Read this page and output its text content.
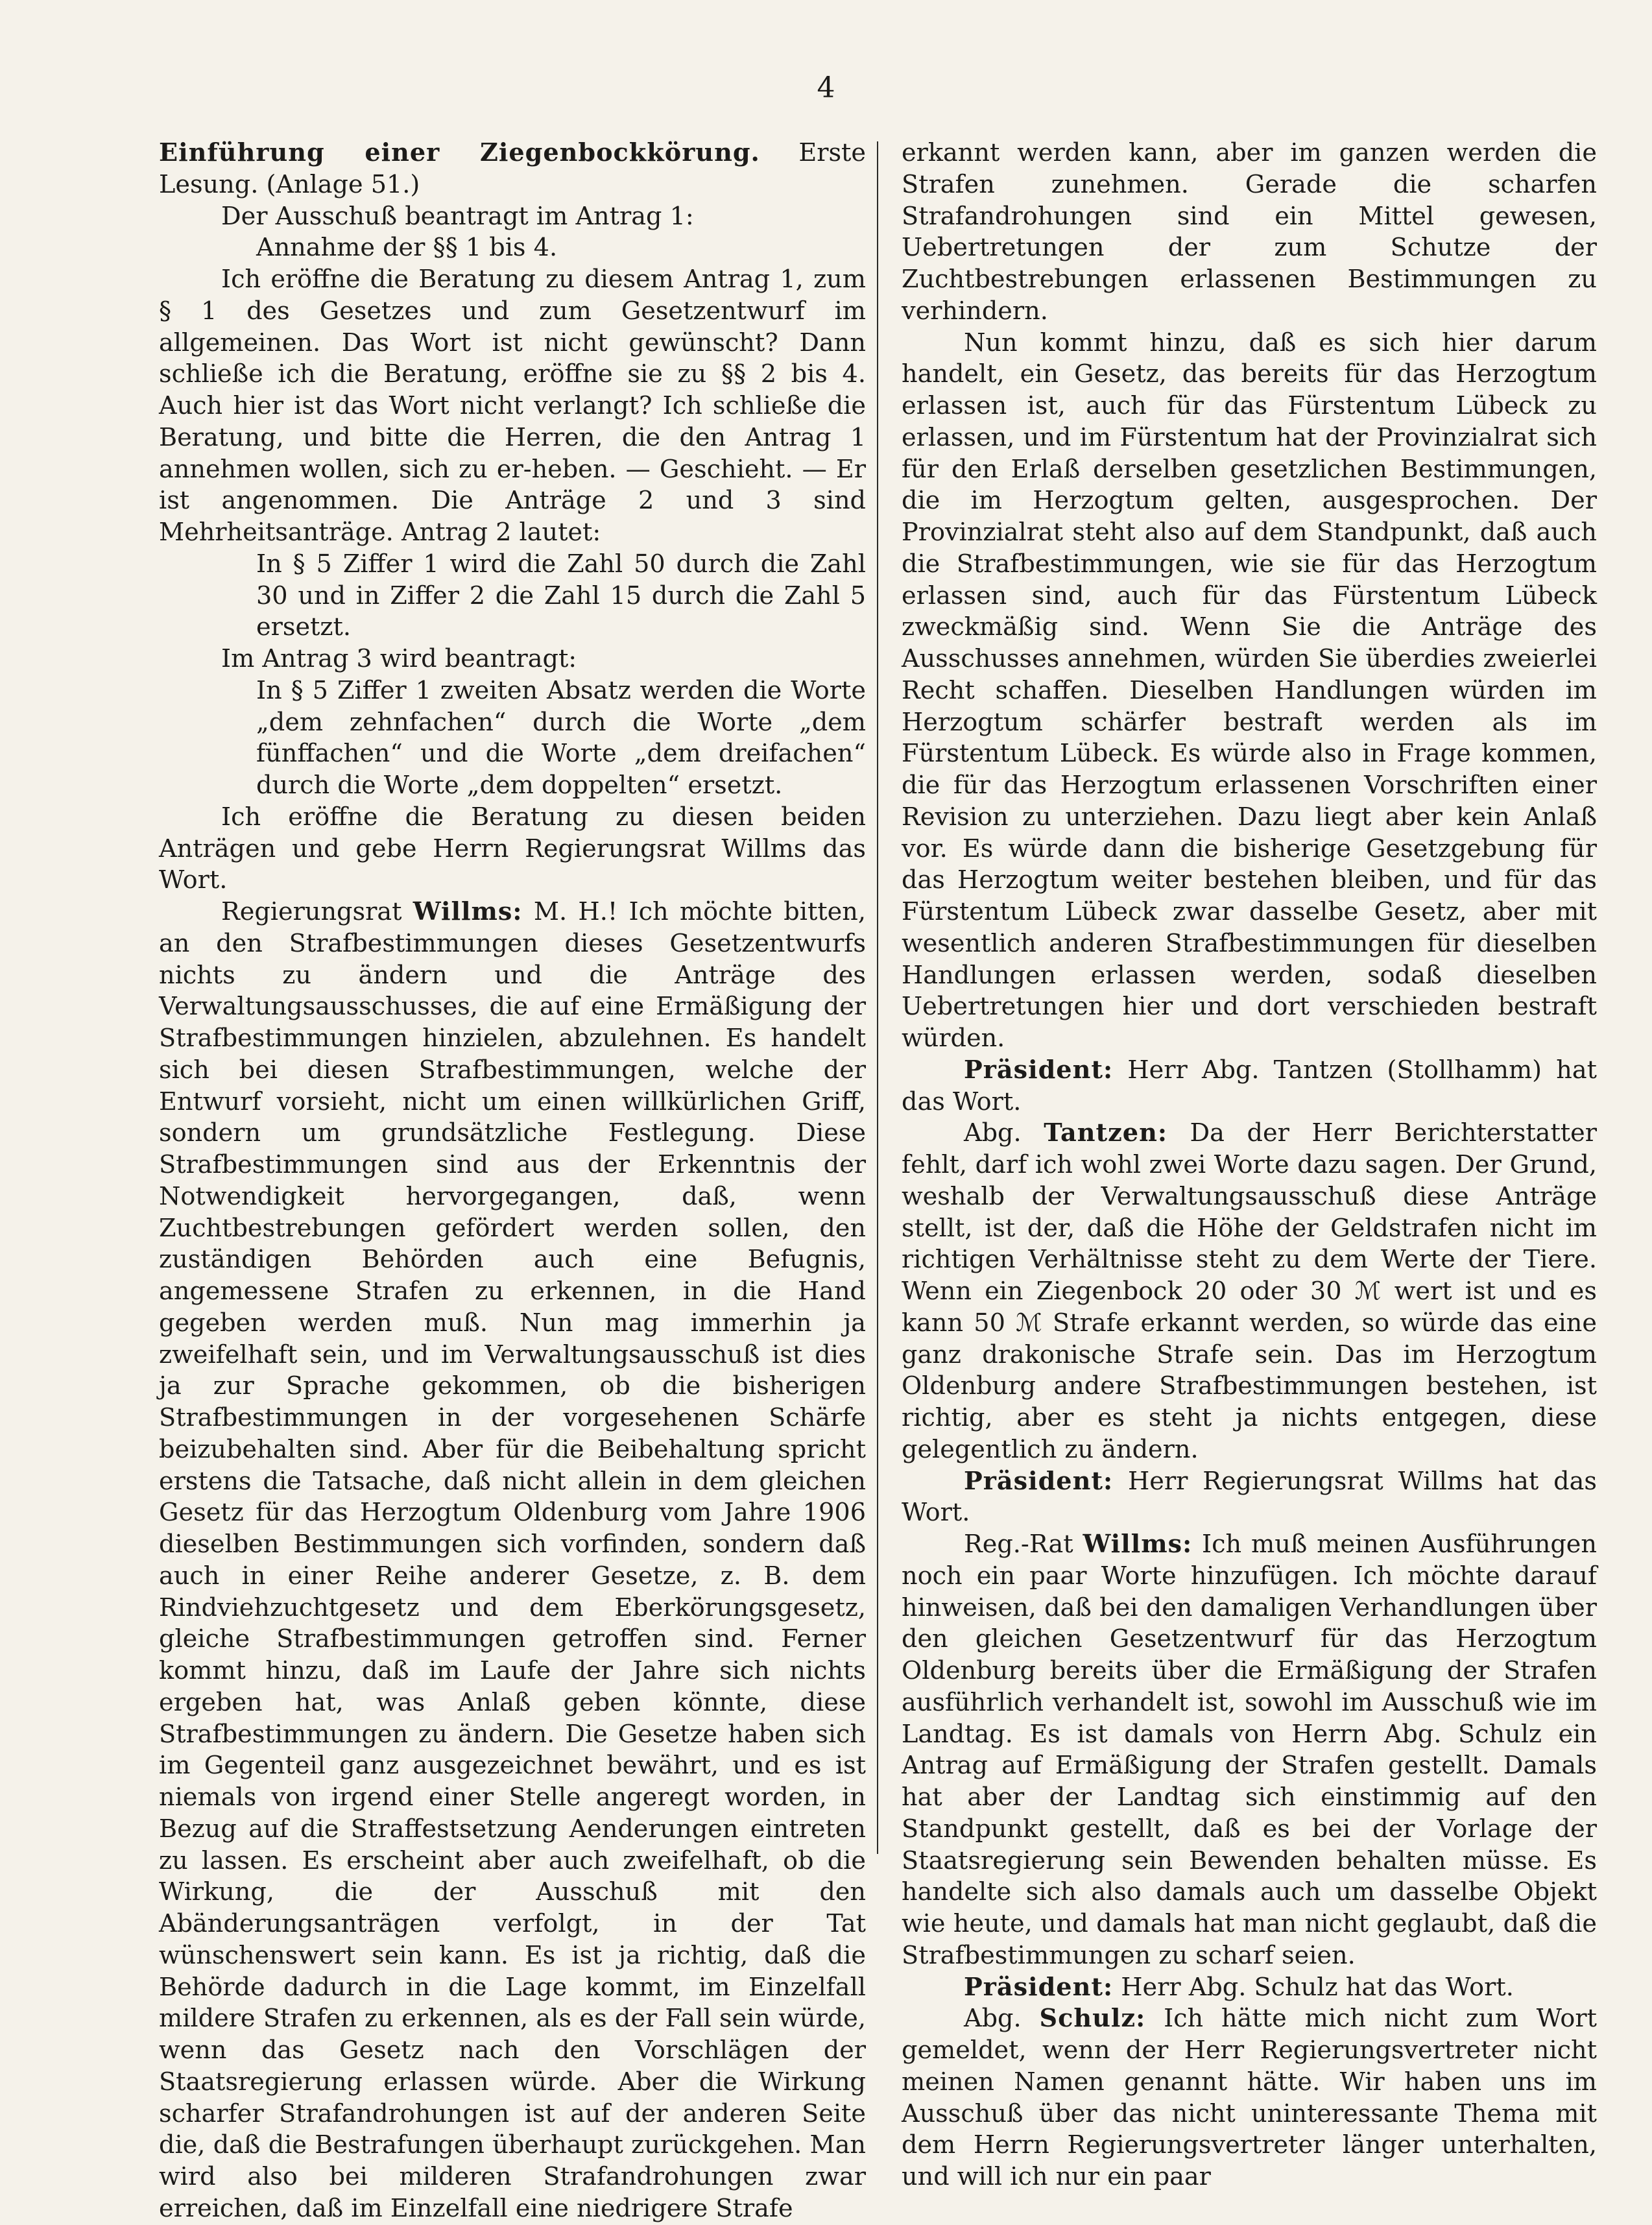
4

Einführung einer Ziegenbockkörung. Erste Lesung. (Anlage 51.)

Der Ausschuß beantragt im Antrag 1:

Annahme der §§ 1 bis 4.

Ich eröffne die Beratung zu diesem Antrag 1, zum § 1 des Gesetzes und zum Gesetzentwurf im allgemeinen. Das Wort ist nicht gewünscht? Dann schließe ich die Beratung, eröffne sie zu §§ 2 bis 4. Auch hier ist das Wort nicht verlangt? Ich schließe die Beratung, und bitte die Herren, die den Antrag 1 annehmen wollen, sich zu er-heben. — Geschieht. — Er ist angenommen. Die Anträge 2 und 3 sind Mehrheitsanträge. Antrag 2 lautet:

In § 5 Ziffer 1 wird die Zahl 50 durch die Zahl 30 und in Ziffer 2 die Zahl 15 durch die Zahl 5 ersetzt.

Im Antrag 3 wird beantragt:

In § 5 Ziffer 1 zweiten Absatz werden die Worte „dem zehnfachen“ durch die Worte „dem fünffachen“ und die Worte „dem dreifachen“ durch die Worte „dem doppelten“ ersetzt.

Ich eröffne die Beratung zu diesen beiden Anträgen und gebe Herrn Regierungsrat Willms das Wort.

Regierungsrat Willms: M. H.! Ich möchte bitten, an den Strafbestimmungen dieses Gesetzentwurfs nichts zu ändern und die Anträge des Verwaltungsausschusses, die auf eine Ermäßigung der Strafbestimmungen hinzielen, abzulehnen. Es handelt sich bei diesen Strafbestimmungen, welche der Entwurf vorsieht, nicht um einen willkürlichen Griff, sondern um grundsätzliche Festlegung. Diese Strafbestimmungen sind aus der Erkenntnis der Notwendigkeit hervorgegangen, daß, wenn Zuchtbestrebungen gefördert werden sollen, den zuständigen Behörden auch eine Befugnis, angemessene Strafen zu erkennen, in die Hand gegeben werden muß. Nun mag immerhin ja zweifelhaft sein, und im Verwaltungsausschuß ist dies ja zur Sprache gekommen, ob die bisherigen Strafbestimmungen in der vorgesehenen Schärfe beizubehalten sind. Aber für die Beibehaltung spricht erstens die Tatsache, daß nicht allein in dem gleichen Gesetz für das Herzogtum Oldenburg vom Jahre 1906 dieselben Bestimmungen sich vorfinden, sondern daß auch in einer Reihe anderer Gesetze, z. B. dem Rindviehzuchtgesetz und dem Eberkörungsgesetz, gleiche Strafbestimmungen getroffen sind. Ferner kommt hinzu, daß im Laufe der Jahre sich nichts ergeben hat, was Anlaß geben könnte, diese Strafbestimmungen zu ändern. Die Gesetze haben sich im Gegenteil ganz ausgezeichnet bewährt, und es ist niemals von irgend einer Stelle angeregt worden, in Bezug auf die Straffestsetzung Aenderungen eintreten zu lassen. Es erscheint aber auch zweifelhaft, ob die Wirkung, die der Ausschuß mit den Abänderungsanträgen verfolgt, in der Tat wünschenswert sein kann. Es ist ja richtig, daß die Behörde dadurch in die Lage kommt, im Einzelfall mildere Strafen zu erkennen, als es der Fall sein würde, wenn das Gesetz nach den Vorschlägen der Staatsregierung erlassen würde. Aber die Wirkung scharfer Strafandrohungen ist auf der anderen Seite die, daß die Bestrafungen überhaupt zurückgehen. Man wird also bei milderen Strafandrohungen zwar erreichen, daß im Einzelfall eine niedrigere Strafe

erkannt werden kann, aber im ganzen werden die Strafen zunehmen. Gerade die scharfen Strafandrohungen sind ein Mittel gewesen, Uebertretungen der zum Schutze der Zuchtbestrebungen erlassenen Bestimmungen zu verhindern.

Nun kommt hinzu, daß es sich hier darum handelt, ein Gesetz, das bereits für das Herzogtum erlassen ist, auch für das Fürstentum Lübeck zu erlassen, und im Fürstentum hat der Provinzialrat sich für den Erlaß derselben gesetzlichen Bestimmungen, die im Herzogtum gelten, ausgesprochen. Der Provinzialrat steht also auf dem Standpunkt, daß auch die Strafbestimmungen, wie sie für das Herzogtum erlassen sind, auch für das Fürstentum Lübeck zweckmäßig sind. Wenn Sie die Anträge des Ausschusses annehmen, würden Sie überdies zweierlei Recht schaffen. Dieselben Handlungen würden im Herzogtum schärfer bestraft werden als im Fürstentum Lübeck. Es würde also in Frage kommen, die für das Herzogtum erlassenen Vorschriften einer Revision zu unterziehen. Dazu liegt aber kein Anlaß vor. Es würde dann die bisherige Gesetzgebung für das Herzogtum weiter bestehen bleiben, und für das Fürstentum Lübeck zwar dasselbe Gesetz, aber mit wesentlich anderen Strafbestimmungen für dieselben Handlungen erlassen werden, sodaß dieselben Uebertretungen hier und dort verschieden bestraft würden.

Präsident: Herr Abg. Tantzen (Stollhamm) hat das Wort.

Abg. Tantzen: Da der Herr Berichterstatter fehlt, darf ich wohl zwei Worte dazu sagen. Der Grund, weshalb der Verwaltungsausschuß diese Anträge stellt, ist der, daß die Höhe der Geldstrafen nicht im richtigen Verhältnisse steht zu dem Werte der Tiere. Wenn ein Ziegenbock 20 oder 30 ℳ wert ist und es kann 50 ℳ Strafe erkannt werden, so würde das eine ganz drakonische Strafe sein. Das im Herzogtum Oldenburg andere Strafbestimmungen bestehen, ist richtig, aber es steht ja nichts entgegen, diese gelegentlich zu ändern.

Präsident: Herr Regierungsrat Willms hat das Wort.

Reg.-Rat Willms: Ich muß meinen Ausführungen noch ein paar Worte hinzufügen. Ich möchte darauf hinweisen, daß bei den damaligen Verhandlungen über den gleichen Gesetzentwurf für das Herzogtum Oldenburg bereits über die Ermäßigung der Strafen ausführlich verhandelt ist, sowohl im Ausschuß wie im Landtag. Es ist damals von Herrn Abg. Schulz ein Antrag auf Ermäßigung der Strafen gestellt. Damals hat aber der Landtag sich einstimmig auf den Standpunkt gestellt, daß es bei der Vorlage der Staatsregierung sein Bewenden behalten müsse. Es handelte sich also damals auch um dasselbe Objekt wie heute, und damals hat man nicht geglaubt, daß die Strafbestimmungen zu scharf seien.

Präsident: Herr Abg. Schulz hat das Wort.

Abg. Schulz: Ich hätte mich nicht zum Wort gemeldet, wenn der Herr Regierungsvertreter nicht meinen Namen genannt hätte. Wir haben uns im Ausschuß über das nicht uninteressante Thema mit dem Herrn Regierungsvertreter länger unterhalten, und will ich nur ein paar
